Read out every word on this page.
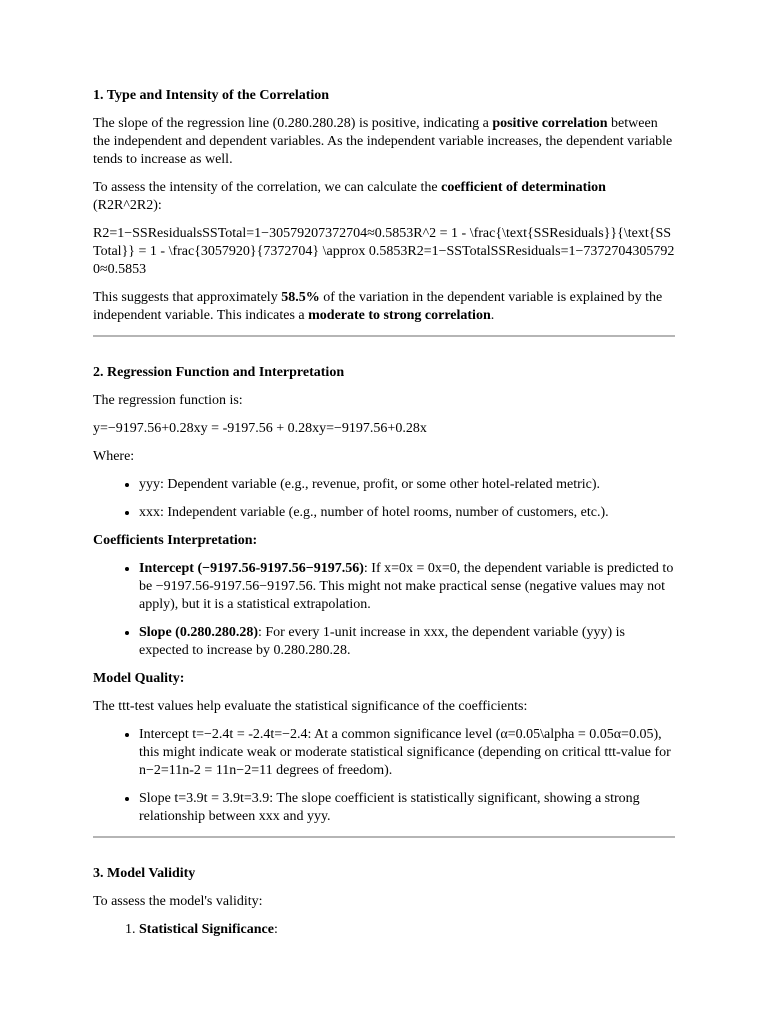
1. Type and Intensity of the Correlation

The slope of the regression line (0.280.280.28) is positive, indicating a positive correlation between the independent and dependent variables. As the independent variable increases, the dependent variable tends to increase as well.

To assess the intensity of the correlation, we can calculate the coefficient of determination (R2R^2R2):

R2=1−SSResidualsSSTotal=1−30579207372704≈0.5853R^2 = 1 - \frac{\text{SSResiduals}}{\text{SSTotal}} = 1 - \frac{3057920}{7372704} \approx 0.5853R2=1−SSTotalSSResiduals=1−73727043057920≈0.5853

This suggests that approximately 58.5% of the variation in the dependent variable is explained by the independent variable. This indicates a moderate to strong correlation.

2. Regression Function and Interpretation

The regression function is:

y=−9197.56+0.28xy = -9197.56 + 0.28xy=−9197.56+0.28x

Where:

• yyy: Dependent variable (e.g., revenue, profit, or some other hotel-related metric).
• xxx: Independent variable (e.g., number of hotel rooms, number of customers, etc.).

Coefficients Interpretation:

• Intercept (−9197.56-9197.56−9197.56): If x=0x = 0x=0, the dependent variable is predicted to be −9197.56-9197.56−9197.56. This might not make practical sense (negative values may not apply), but it is a statistical extrapolation.
• Slope (0.280.280.28): For every 1-unit increase in xxx, the dependent variable (yyy) is expected to increase by 0.280.280.28.

Model Quality:

The ttt-test values help evaluate the statistical significance of the coefficients:

• Intercept t=−2.4t = -2.4t=−2.4: At a common significance level (α=0.05\alpha = 0.05α=0.05), this might indicate weak or moderate statistical significance (depending on critical ttt-value for n−2=11n-2 = 11n−2=11 degrees of freedom).
• Slope t=3.9t = 3.9t=3.9: The slope coefficient is statistically significant, showing a strong relationship between xxx and yyy.
3. Model Validity

To assess the model's validity:

1. Statistical Significance:
